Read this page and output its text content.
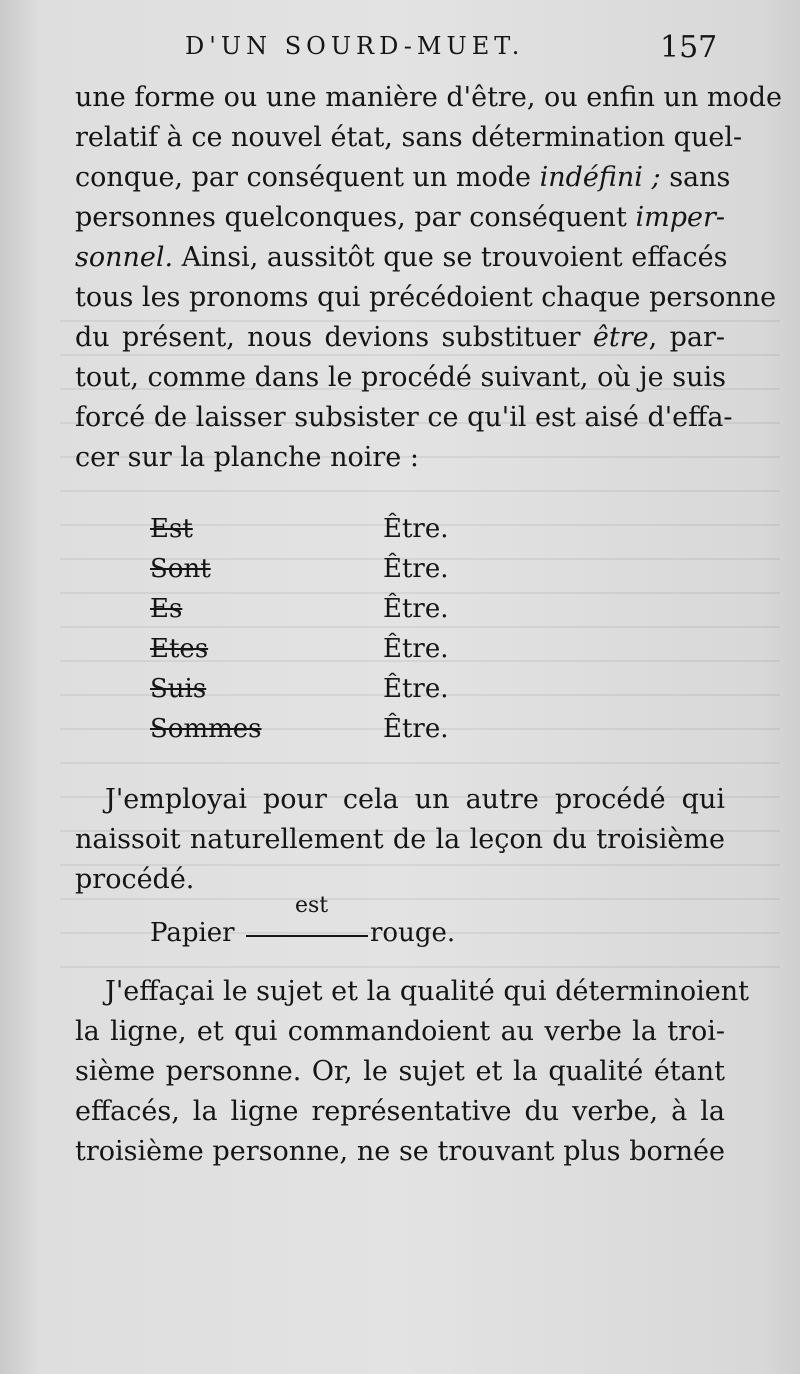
D'UN SOURD-MUET.	157
une forme ou une manière d'être, ou enfin un mode
relatif à ce nouvel état, sans détermination quel-
conque, par conséquent un mode indéfini ; sans
personnes quelconques, par conséquent imper-
sonnel. Ainsi, aussitôt que se trouvoient effacés
tous les pronoms qui précédoient chaque personne
du présent, nous devions substituer être, par-
tout, comme dans le procédé suivant, où je suis
forcé de laisser subsister ce qu'il est aisé d'effa-
cer sur la planche noire :
Est	Être.
Sont	Être.
Es	Être.
Etes	Être.
Suis	Être.
Sommes	Être.
J'employai pour cela un autre procédé qui
naissoit naturellement de la leçon du troisième
procédé.
est
Papier	rouge.
J'effaçai le sujet et la qualité qui déterminoient
la ligne, et qui commandoient au verbe la troi-
sième personne. Or, le sujet et la qualité étant
effacés, la ligne représentative du verbe, à la
troisième personne, ne se trouvant plus bornée
